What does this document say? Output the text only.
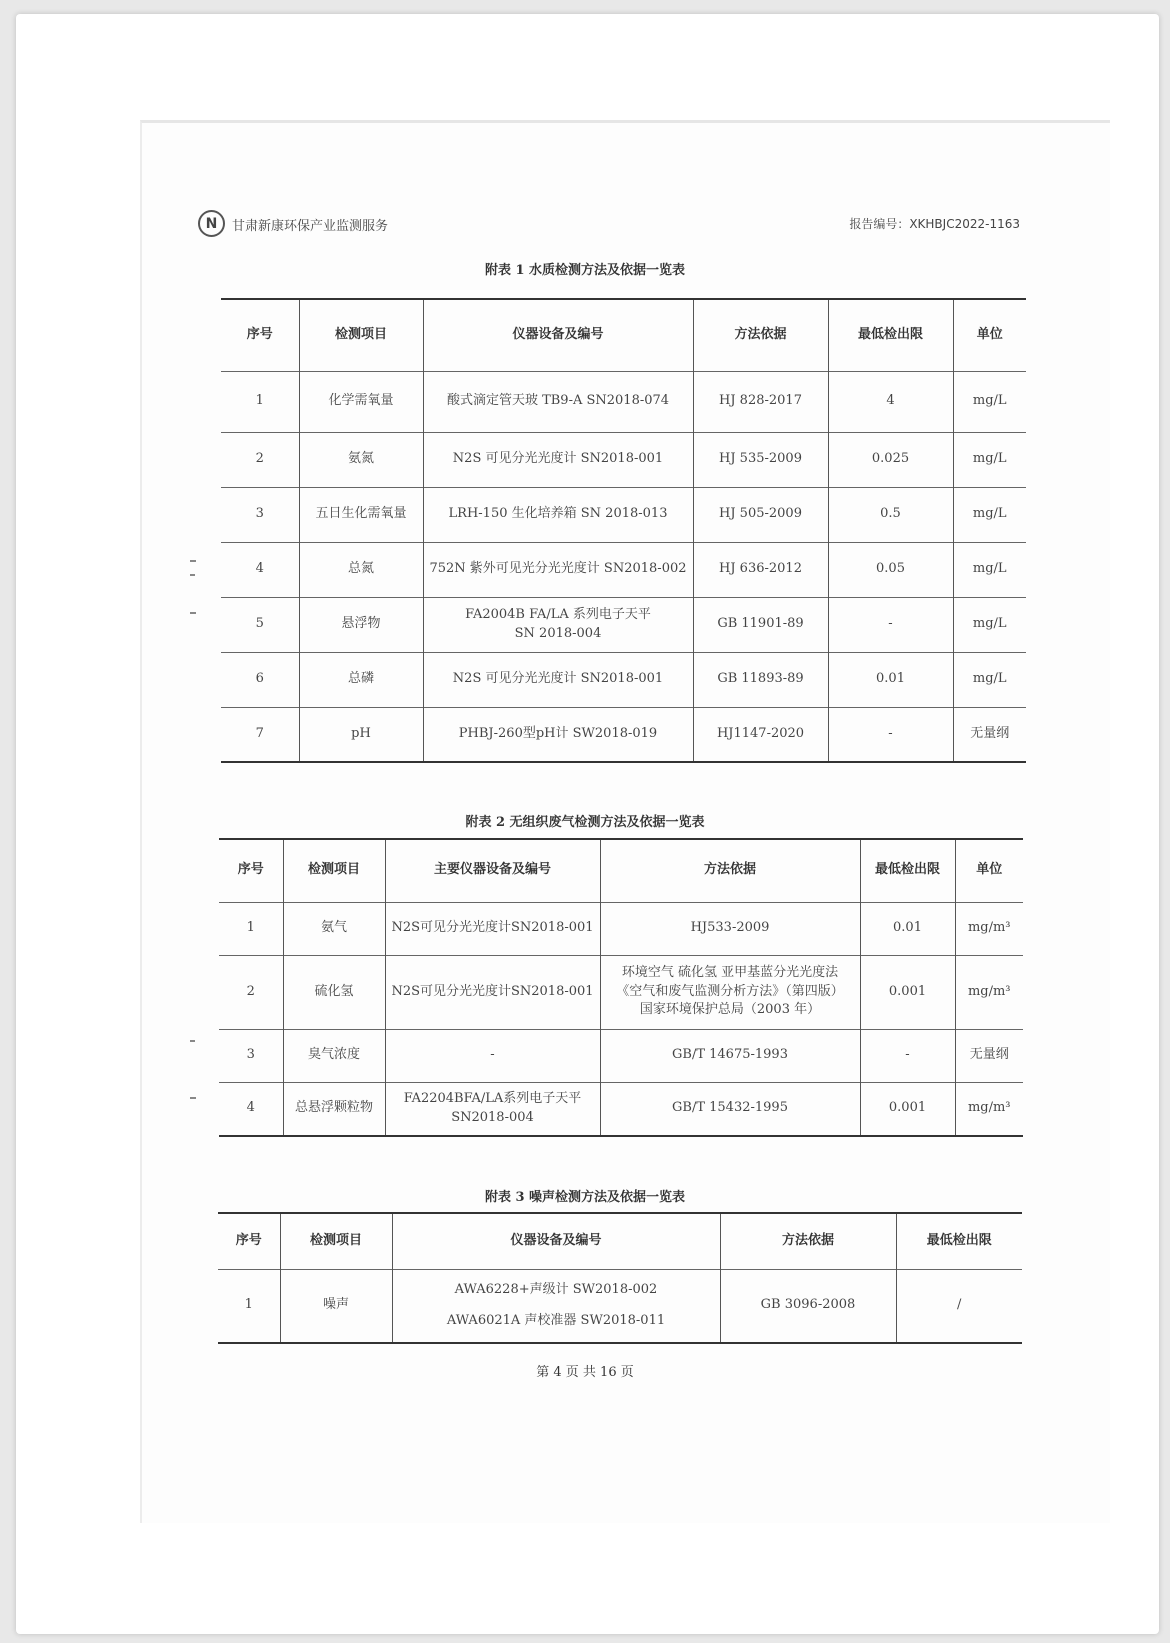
N	甘肃新康环保产业监测服务	报告编号：XKHBJC2022-1163
附表 1 水质检测方法及依据一览表
序号	检测项目	仪器设备及编号	方法依据	最低检出限	单位
1	化学需氧量	酸式滴定管天玻 TB9-A SN2018-074	HJ 828-2017	4	mg/L
2	氨氮	N2S 可见分光光度计 SN2018-001	HJ 535-2009	0.025	mg/L
3	五日生化需氧量	LRH-150 生化培养箱 SN 2018-013	HJ 505-2009	0.5	mg/L
4	总氮	752N 紫外可见光分光光度计 SN2018-002	HJ 636-2012	0.05	mg/L
5	悬浮物	FA2004B FA/LA 系列电子天平
SN 2018-004	GB 11901-89	-	mg/L
6	总磷	N2S 可见分光光度计 SN2018-001	GB 11893-89	0.01	mg/L
7	pH	PHBJ-260型pH计 SW2018-019	HJ1147-2020	-	无量纲
附表 2 无组织废气检测方法及依据一览表
序号	检测项目	主要仪器设备及编号	方法依据	最低检出限	单位
1	氨气	N2S可见分光光度计SN2018-001	HJ533-2009	0.01	mg/m³
2	硫化氢	N2S可见分光光度计SN2018-001	环境空气 硫化氢 亚甲基蓝分光光度法
《空气和废气监测分析方法》（第四版）
国家环境保护总局（2003 年）	0.001	mg/m³
3	臭气浓度	-	GB/T 14675-1993	-	无量纲
4	总悬浮颗粒物	FA2204BFA/LA系列电子天平
SN2018-004	GB/T 15432-1995	0.001	mg/m³
附表 3 噪声检测方法及依据一览表
序号	检测项目	仪器设备及编号	方法依据	最低检出限
1	噪声	AWA6228+声级计 SW2018-002
AWA6021A 声校准器 SW2018-011	GB 3096-2008	/
第 4 页 共 16 页
